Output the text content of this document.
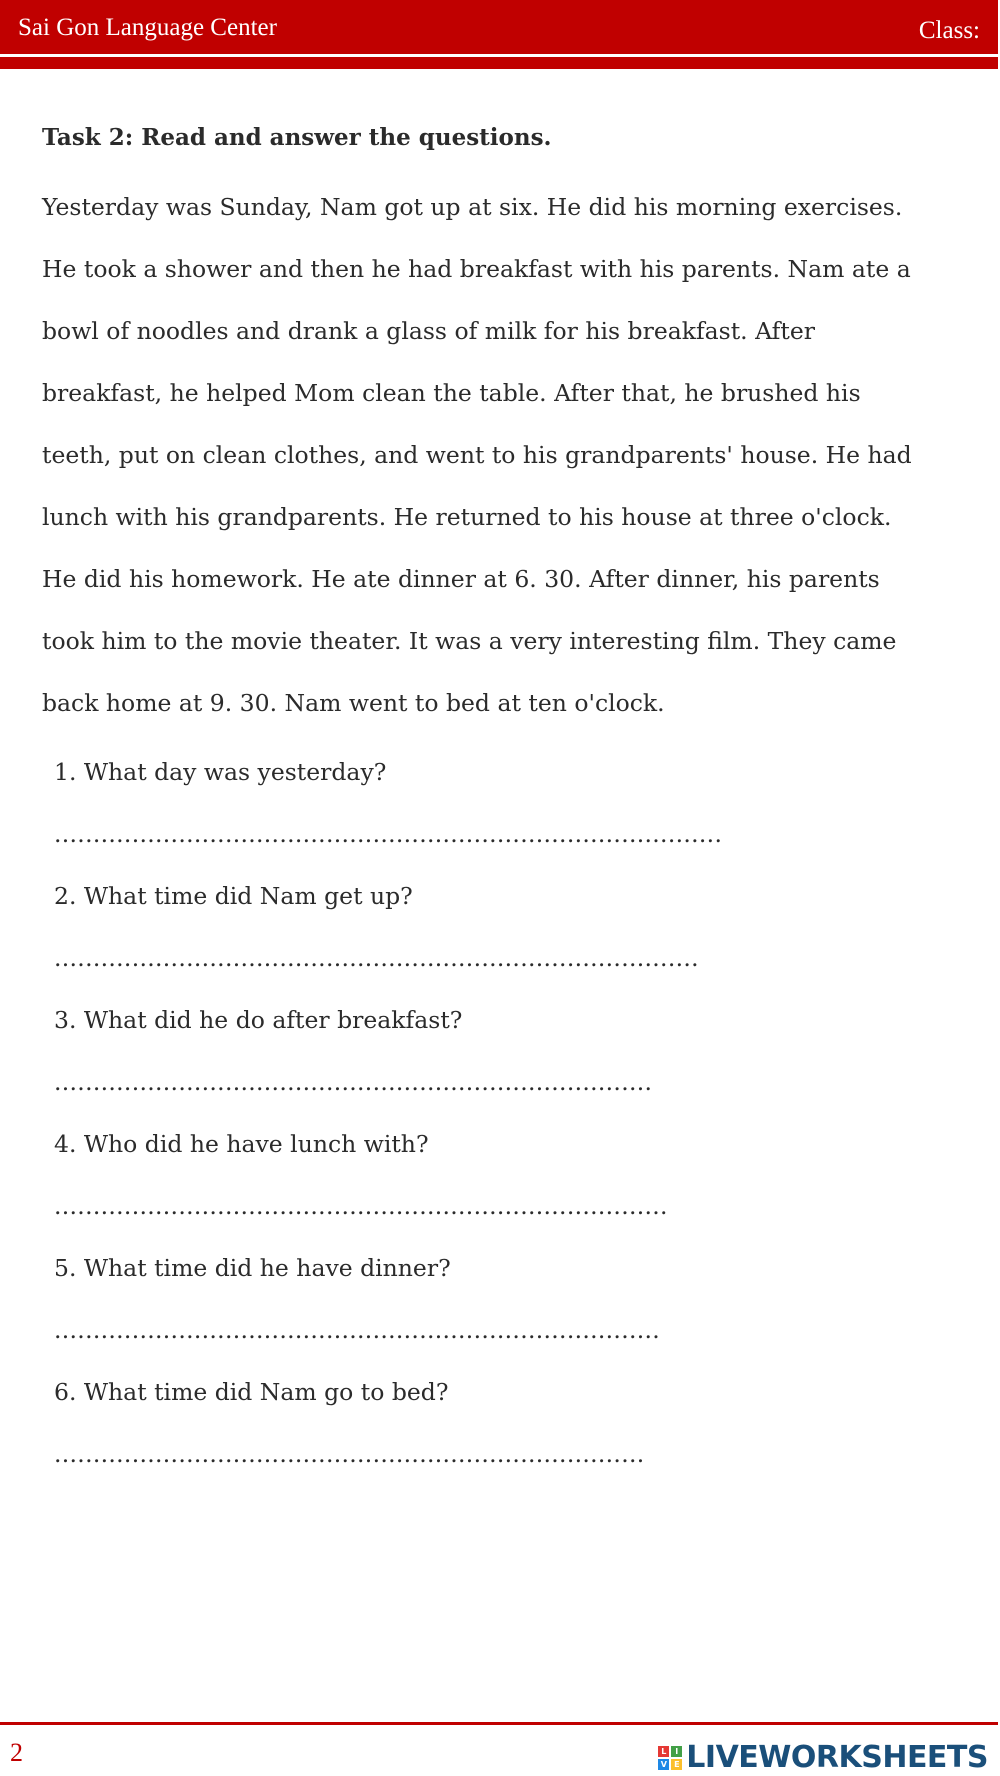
Sai Gon Language Center	Class:
Task 2: Read and answer the questions.
Yesterday was Sunday, Nam got up at six. He did his morning exercises.
He took a shower and then he had breakfast with his parents. Nam ate a
bowl of noodles and drank a glass of milk for his breakfast. After
breakfast, he helped Mom clean the table. After that, he brushed his
teeth, put on clean clothes, and went to his grandparents' house. He had
lunch with his grandparents. He returned to his house at three o'clock.
He did his homework. He ate dinner at 6. 30. After dinner, his parents
took him to the movie theater. It was a very interesting film. They came
back home at 9. 30. Nam went to bed at ten o'clock.
1. What day was yesterday?
......................................................................................
2. What time did Nam get up?
...................................................................................
3. What did he do after breakfast?
.............................................................................
4. Who did he have lunch with?
...............................................................................
5. What time did he have dinner?
..............................................................................
6. What time did Nam go to bed?
............................................................................
2	L	I
V E LIVEWORKSHEETS
